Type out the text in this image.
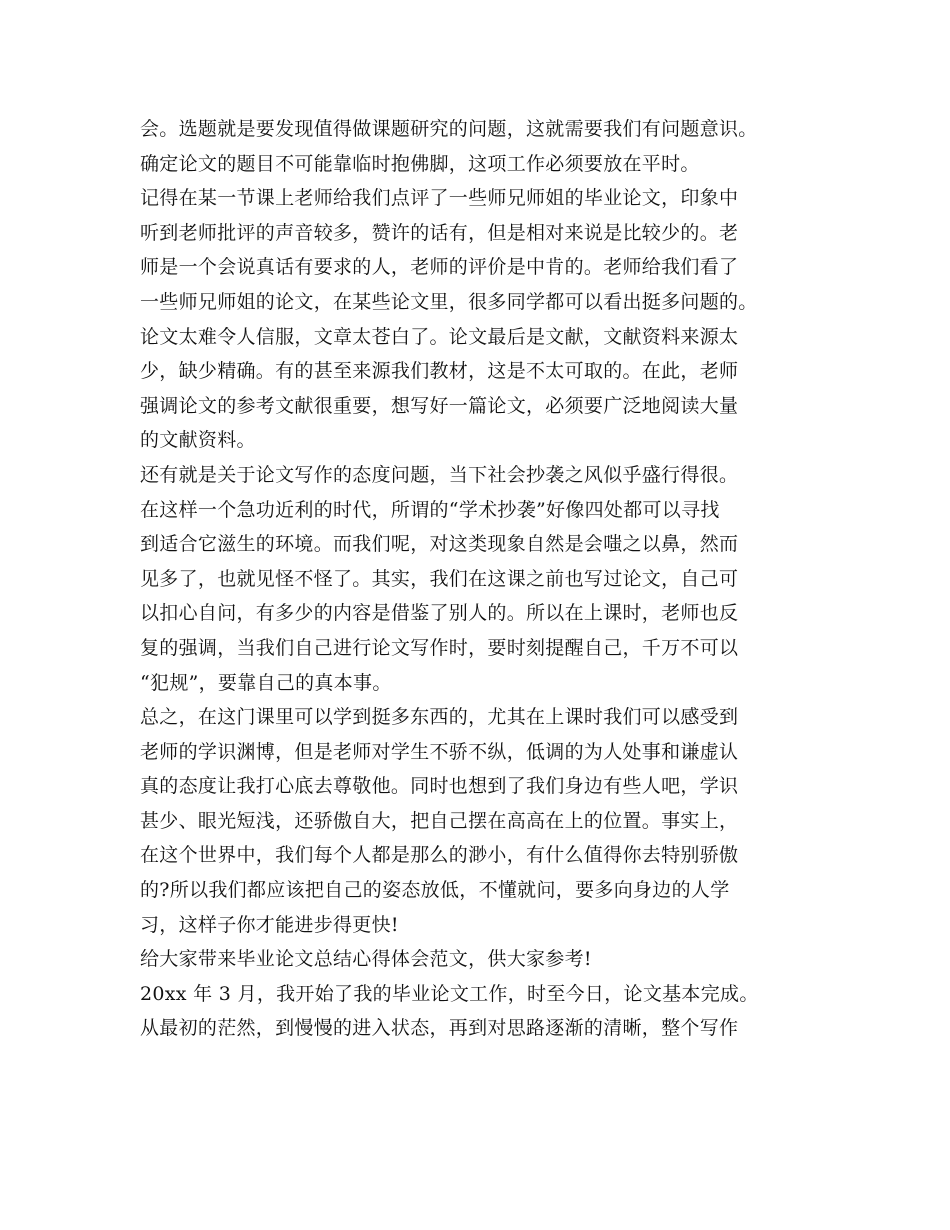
会。选题就是要发现值得做课题研究的问题，这就需要我们有问题意识。
确定论文的题目不可能靠临时抱佛脚，这项工作必须要放在平时。
记得在某一节课上老师给我们点评了一些师兄师姐的毕业论文，印象中
听到老师批评的声音较多，赞许的话有，但是相对来说是比较少的。老
师是一个会说真话有要求的人，老师的评价是中肯的。老师给我们看了
一些师兄师姐的论文，在某些论文里，很多同学都可以看出挺多问题的。
论文太难令人信服，文章太苍白了。论文最后是文献，文献资料来源太
少，缺少精确。有的甚至来源我们教材，这是不太可取的。在此，老师
强调论文的参考文献很重要，想写好一篇论文，必须要广泛地阅读大量
的文献资料。
还有就是关于论文写作的态度问题，当下社会抄袭之风似乎盛行得很。
在这样一个急功近利的时代，所谓的“学术抄袭”好像四处都可以寻找
到适合它滋生的环境。而我们呢，对这类现象自然是会嗤之以鼻，然而
见多了，也就见怪不怪了。其实，我们在这课之前也写过论文，自己可
以扣心自问，有多少的内容是借鉴了别人的。所以在上课时，老师也反
复的强调，当我们自己进行论文写作时，要时刻提醒自己，千万不可以
“犯规”，要靠自己的真本事。
总之，在这门课里可以学到挺多东西的，尤其在上课时我们可以感受到
老师的学识渊博，但是老师对学生不骄不纵，低调的为人处事和谦虚认
真的态度让我打心底去尊敬他。同时也想到了我们身边有些人吧，学识
甚少、眼光短浅，还骄傲自大，把自己摆在高高在上的位置。事实上，
在这个世界中，我们每个人都是那么的渺小，有什么值得你去特别骄傲
的?所以我们都应该把自己的姿态放低，不懂就问，要多向身边的人学
习，这样子你才能进步得更快!
给大家带来毕业论文总结心得体会范文，供大家参考!
20xx 年 3 月，我开始了我的毕业论文工作，时至今日，论文基本完成。
从最初的茫然，到慢慢的进入状态，再到对思路逐渐的清晰，整个写作
